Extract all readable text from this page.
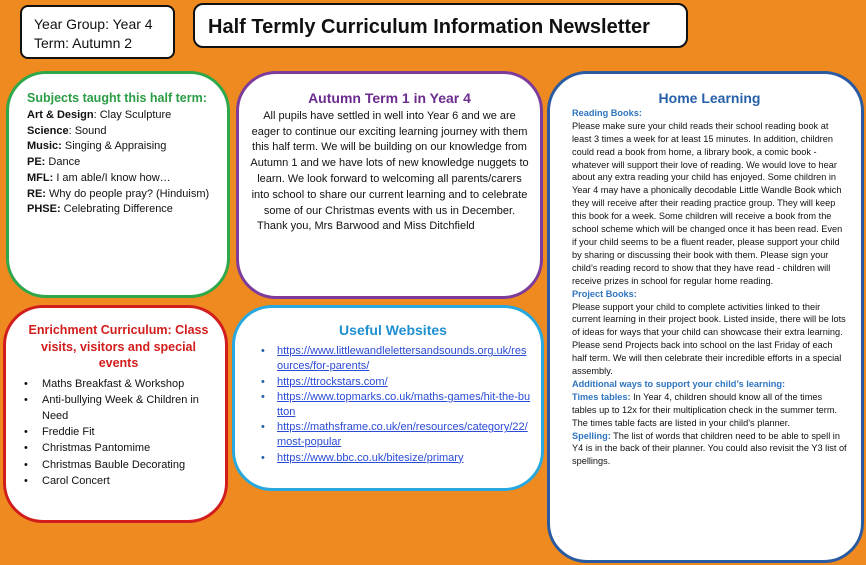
Year Group: Year 4
Term: Autumn 2
Half Termly Curriculum Information Newsletter
Subjects taught this half term:
Art & Design: Clay Sculpture
Science: Sound
Music: Singing & Appraising
PE: Dance
MFL: I am able/I know how…
RE: Why do people pray? (Hinduism)
PHSE: Celebrating Difference
Autumn Term 1 in Year 4
All pupils have settled in well into Year 6 and we are eager to continue our exciting learning journey with them this half term. We will be building on our knowledge from Autumn 1 and we have lots of new knowledge nuggets to learn. We look forward to welcoming all parents/carers into school to share our current learning and to celebrate some of our Christmas events with us in December.
Thank you, Mrs Barwood and Miss Ditchfield
Home Learning
Reading Books:
Please make sure your child reads their school reading book at least 3 times a week for at least 15 minutes. In addition, children could read a book from home, a library book, a comic book - whatever will support their love of reading. We would love to hear about any extra reading your child has enjoyed. Some children in Year 4 may have a phonically decodable Little Wandle Book which they will receive after their reading practice group. They will keep this book for a week. Some children will receive a book from the school scheme which will be changed once it has been read. Even if your child seems to be a fluent reader, please support your child by sharing or discussing their book with them. Please sign your child’s reading record to show that they have read - children will receive prizes in school for regular home reading.
Project Books:
Please support your child to complete activities linked to their current learning in their project book. Listed inside, there will be lots of ideas for ways that your child can showcase their extra learning. Please send Projects back into school on the last Friday of each half term. We will then celebrate their incredible efforts in a special assembly.
Additional ways to support your child’s learning:
Times tables: In Year 4, children should know all of the times tables up to 12x for their multiplication check in the summer term. The times table facts are listed in your child’s planner.
Spelling: The list of words that children need to be able to spell in Y4 is in the back of their planner. You could also revisit the Y3 list of spellings.
Enrichment Curriculum: Class visits, visitors and special events
• Maths Breakfast & Workshop
• Anti-bullying Week & Children in Need
• Freddie Fit
• Christmas Pantomime
• Christmas Bauble Decorating
• Carol Concert
Useful Websites
• https://www.littlewandlelettersandsounds.org.uk/resources/for-parents/
• https://ttrockstars.com/
• https://www.topmarks.co.uk/maths-games/hit-the-button
• https://mathsframe.co.uk/en/resources/category/22/most-popular
• https://www.bbc.co.uk/bitesize/primary
